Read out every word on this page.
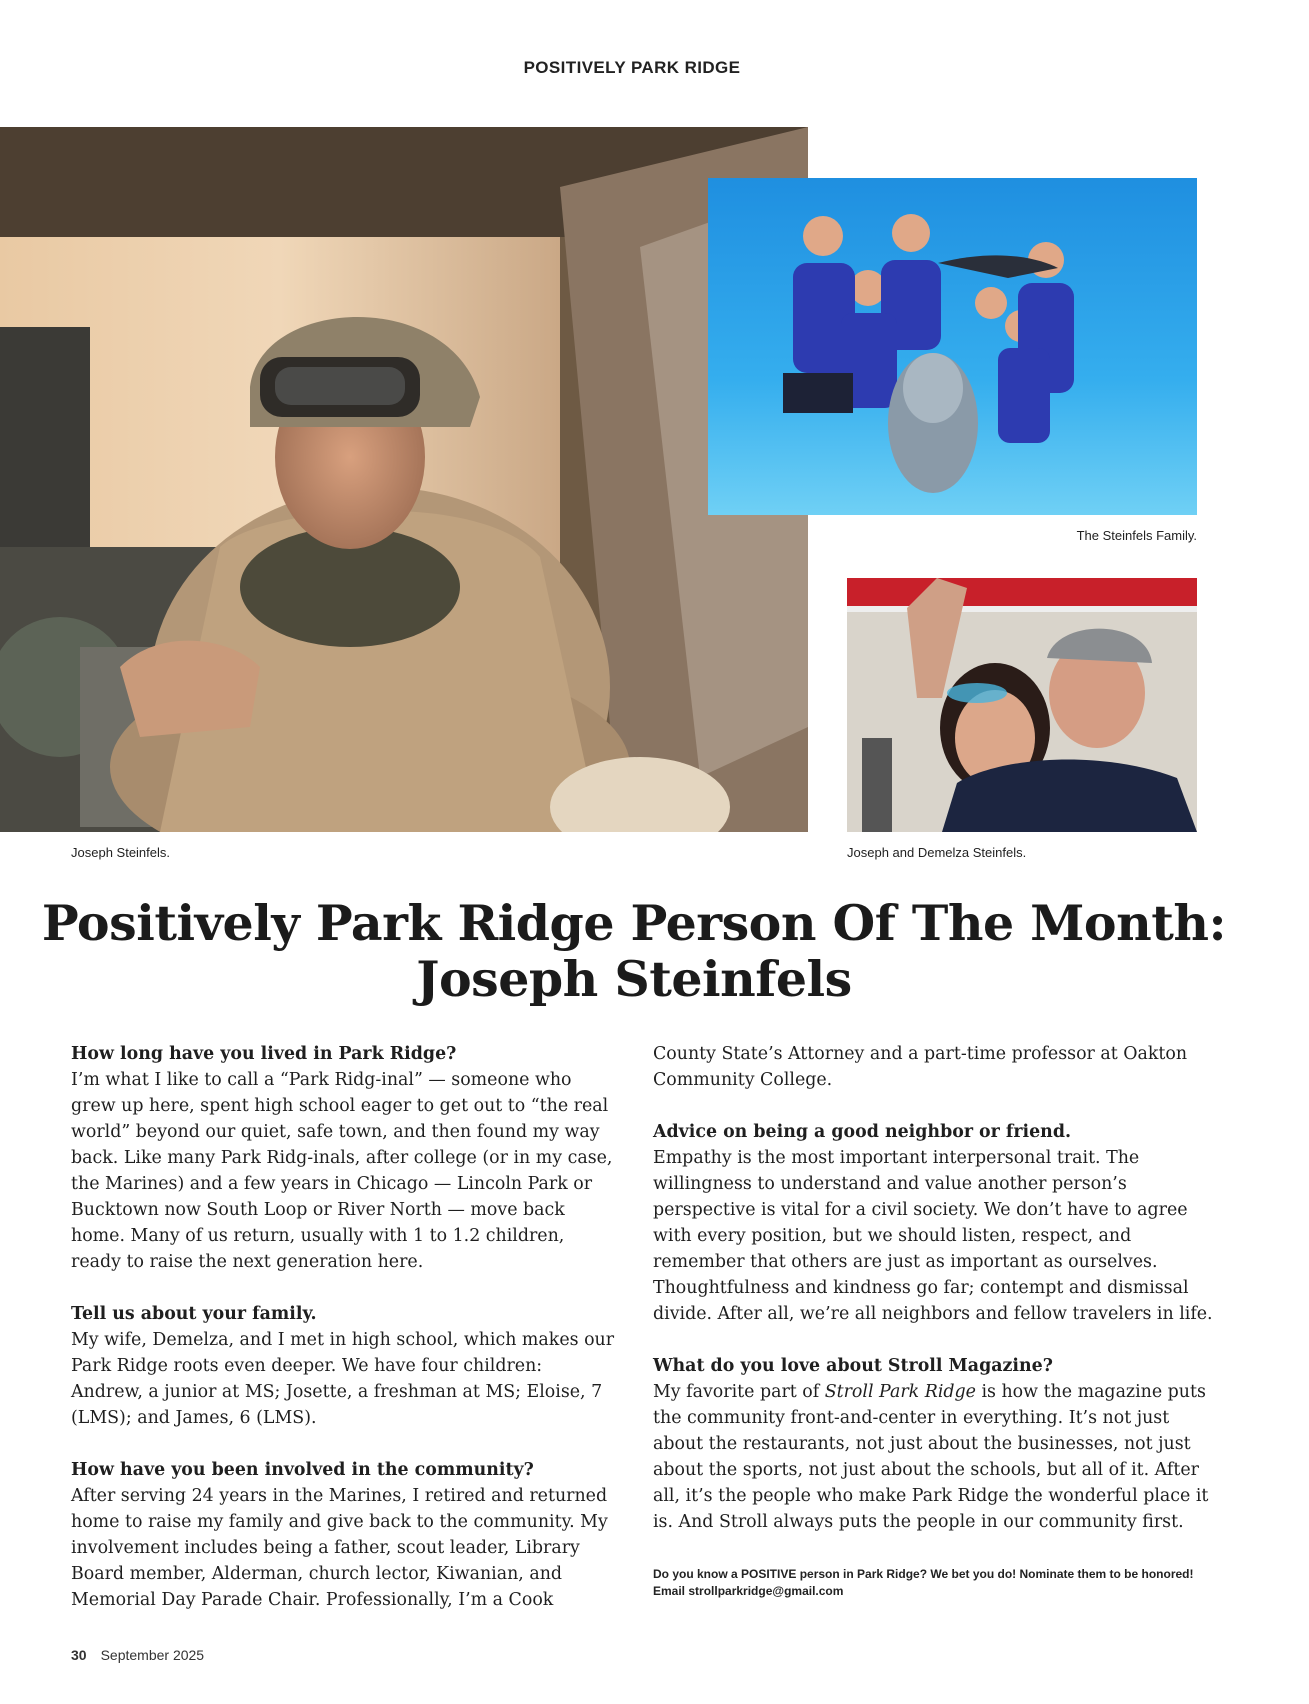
POSITIVELY PARK RIDGE
The Steinfels Family.
Joseph Steinfels.	Joseph and Demelza Steinfels.
Positively Park Ridge Person Of The Month:
Joseph Steinfels
How long have you lived in Park Ridge?
I’m what I like to call a “Park Ridg-inal” — someone who grew up here, spent high school eager to get out to “the real world” beyond our quiet, safe town, and then found my way back. Like many Park Ridg-inals, after college (or in my case, the Marines) and a few years in Chicago — Lincoln Park or Bucktown now South Loop or River North — move back home. Many of us return, usually with 1 to 1.2 children, ready to raise the next generation here.
Tell us about your family.
My wife, Demelza, and I met in high school, which makes our Park Ridge roots even deeper. We have four children: Andrew, a junior at MS; Josette, a freshman at MS; Eloise, 7 (LMS); and James, 6 (LMS).
How have you been involved in the community?
After serving 24 years in the Marines, I retired and returned home to raise my family and give back to the community. My involvement includes being a father, scout leader, Library Board member, Alderman, church lector, Kiwanian, and Memorial Day Parade Chair. Professionally, I’m a Cook
County State’s Attorney and a part-time professor at Oakton Community College.
Advice on being a good neighbor or friend.
Empathy is the most important interpersonal trait. The willingness to understand and value another person’s perspective is vital for a civil society. We don’t have to agree with every position, but we should listen, respect, and remember that others are just as important as ourselves. Thoughtfulness and kindness go far; contempt and dismissal divide. After all, we’re all neighbors and fellow travelers in life.
What do you love about Stroll Magazine?
My favorite part of Stroll Park Ridge is how the magazine puts the community front-and-center in everything. It’s not just about the restaurants, not just about the businesses, not just about the sports, not just about the schools, but all of it. After all, it’s the people who make Park Ridge the wonderful place it is. And Stroll always puts the people in our community first.
Do you know a POSITIVE person in Park Ridge? We bet you do! Nominate them to be honored!
Email strollparkridge@gmail.com
30 September 2025
